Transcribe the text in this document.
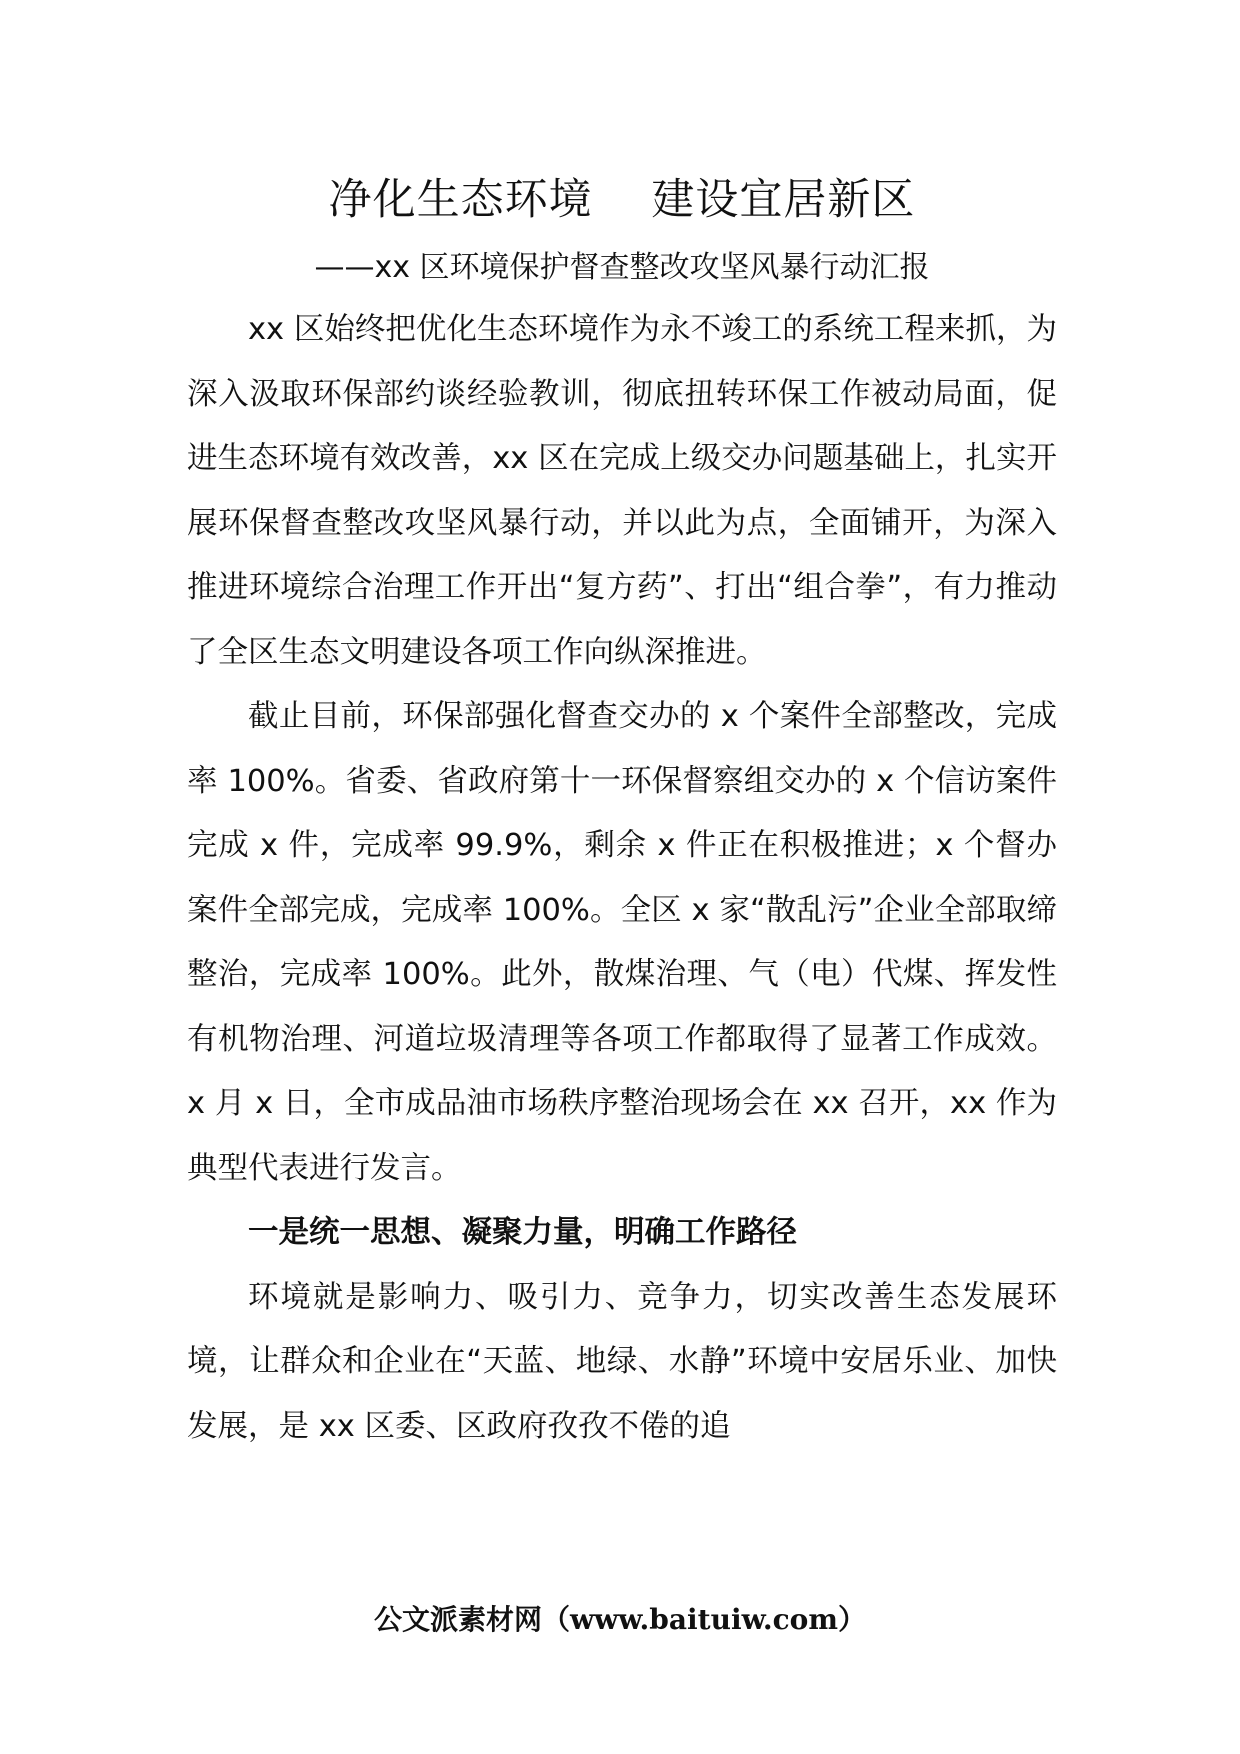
净化生态环境    建设宜居新区
——xx 区环境保护督查整改攻坚风暴行动汇报

xx 区始终把优化生态环境作为永不竣工的系统工程来抓，为深入汲取环保部约谈经验教训，彻底扭转环保工作被动局面，促进生态环境有效改善，xx 区在完成上级交办问题基础上，扎实开展环保督查整改攻坚风暴行动，并以此为点，全面铺开，为深入推进环境综合治理工作开出“复方药”、打出“组合拳”，有力推动了全区生态文明建设各项工作向纵深推进。

截止目前，环保部强化督查交办的 x 个案件全部整改，完成率 100%。省委、省政府第十一环保督察组交办的 x 个信访案件完成 x 件，完成率 99.9%，剩余 x 件正在积极推进；x 个督办案件全部完成，完成率 100%。全区 x 家“散乱污”企业全部取缔整治，完成率 100%。此外，散煤治理、气（电）代煤、挥发性有机物治理、河道垃圾清理等各项工作都取得了显著工作成效。x 月 x 日，全市成品油市场秩序整治现场会在 xx 召开，xx 作为典型代表进行发言。

一是统一思想、凝聚力量，明确工作路径

环境就是影响力、吸引力、竞争力，切实改善生态发展环境，让群众和企业在“天蓝、地绿、水静”环境中安居乐业、加快发展，是 xx 区委、区政府孜孜不倦的追

公文派素材网（www.baituiw.com）
